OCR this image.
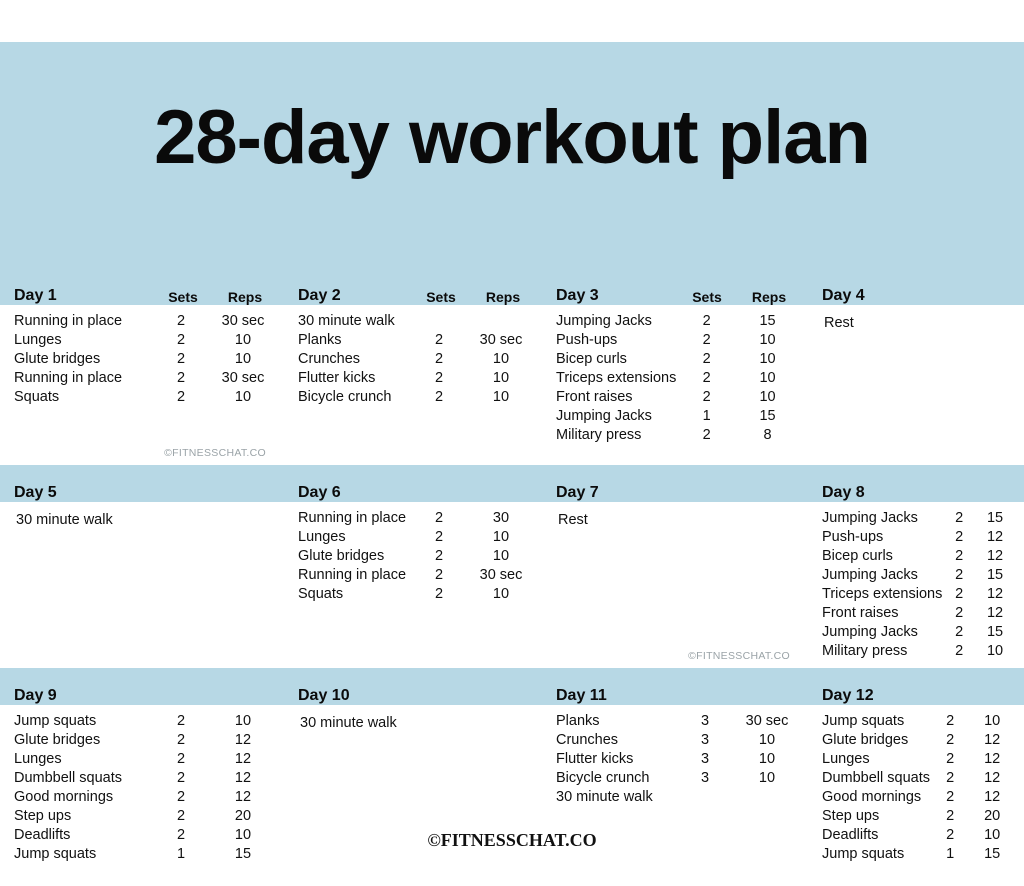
28-day workout plan
Day 1	Sets	Reps
Running in place	2	30 sec
Lunges	2	10
Glute bridges	2	10
Running in place	2	30 sec
Squats	2	10
©FITNESSCHAT.CO
Day 2	Sets	Reps
30 minute walk		
Planks	2	30 sec
Crunches	2	10
Flutter kicks	2	10
Bicycle crunch	2	10
Day 3	Sets	Reps
Jumping Jacks	2	15
Push-ups	2	10
Bicep curls	2	10
Triceps extensions	2	10
Front raises	2	10
Jumping Jacks	1	15
Military press	2	8
Day 4
Rest
Day 5
30 minute walk
Day 6
Running in place	2	30
Lunges	2	10
Glute bridges	2	10
Running in place	2	30 sec
Squats	2	10
Day 7
Rest
©FITNESSCHAT.CO
Day 8
Jumping Jacks	2	15
Push-ups	2	12
Bicep curls	2	12
Jumping Jacks	2	15
Triceps extensions	2	12
Front raises	2	12
Jumping Jacks	2	15
Military press	2	10
Day 9
Jump squats	2	10
Glute bridges	2	12
Lunges	2	12
Dumbbell squats	2	12
Good mornings	2	12
Step ups	2	20
Deadlifts	2	10
Jump squats	1	15
Day 10
30 minute walk
Day 11
Planks	3	30 sec
Crunches	3	10
Flutter kicks	3	10
Bicycle crunch	3	10
30 minute walk		
Day 12
Jump squats	2	10
Glute bridges	2	12
Lunges	2	12
Dumbbell squats	2	12
Good mornings	2	12
Step ups	2	20
Deadlifts	2	10
Jump squats	1	15
©FITNESSCHAT.CO
